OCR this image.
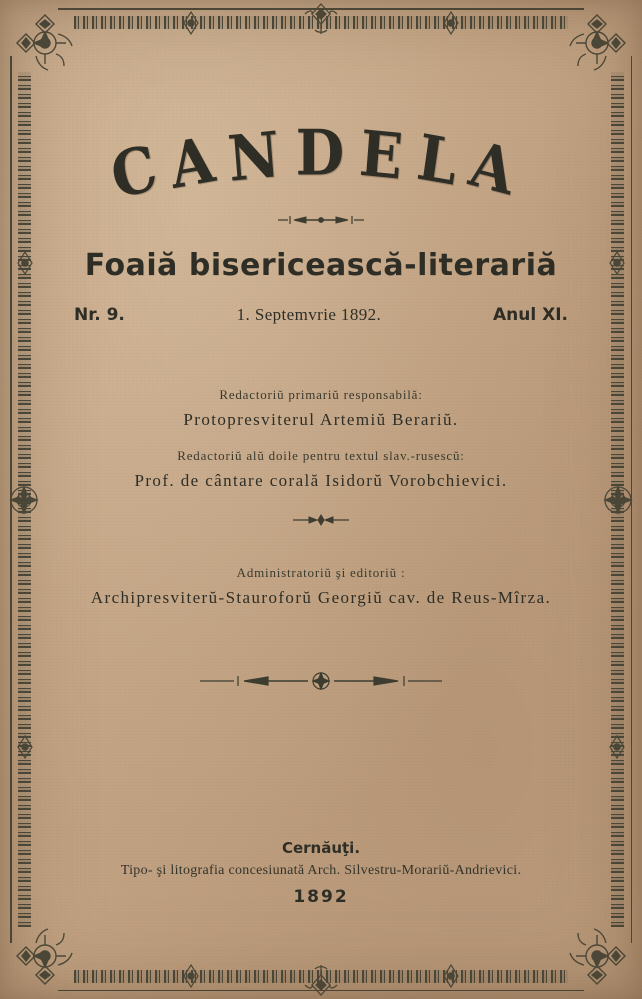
CANDELA
Foaiă bisericească-literariă
Nr. 9.	1. Septemvrie 1892.	Anul XI.
Redactoriŭ primariŭ responsabilă:
Protopresviterul Artemiŭ Berariŭ.
Redactoriŭ alŭ doile pentru textul slav.-rusescŭ:
Prof. de cântare corală Isidorŭ Vorobchievici.
Administratoriŭ şi editoriŭ :
Archipresviterŭ-Stauroforŭ Georgiŭ cav. de Reus-Mîrza.
Cernăuţi.
Tipo- şi litografia concesiunată Arch. Silvestru-Morariŭ-Andrievici.
1892
